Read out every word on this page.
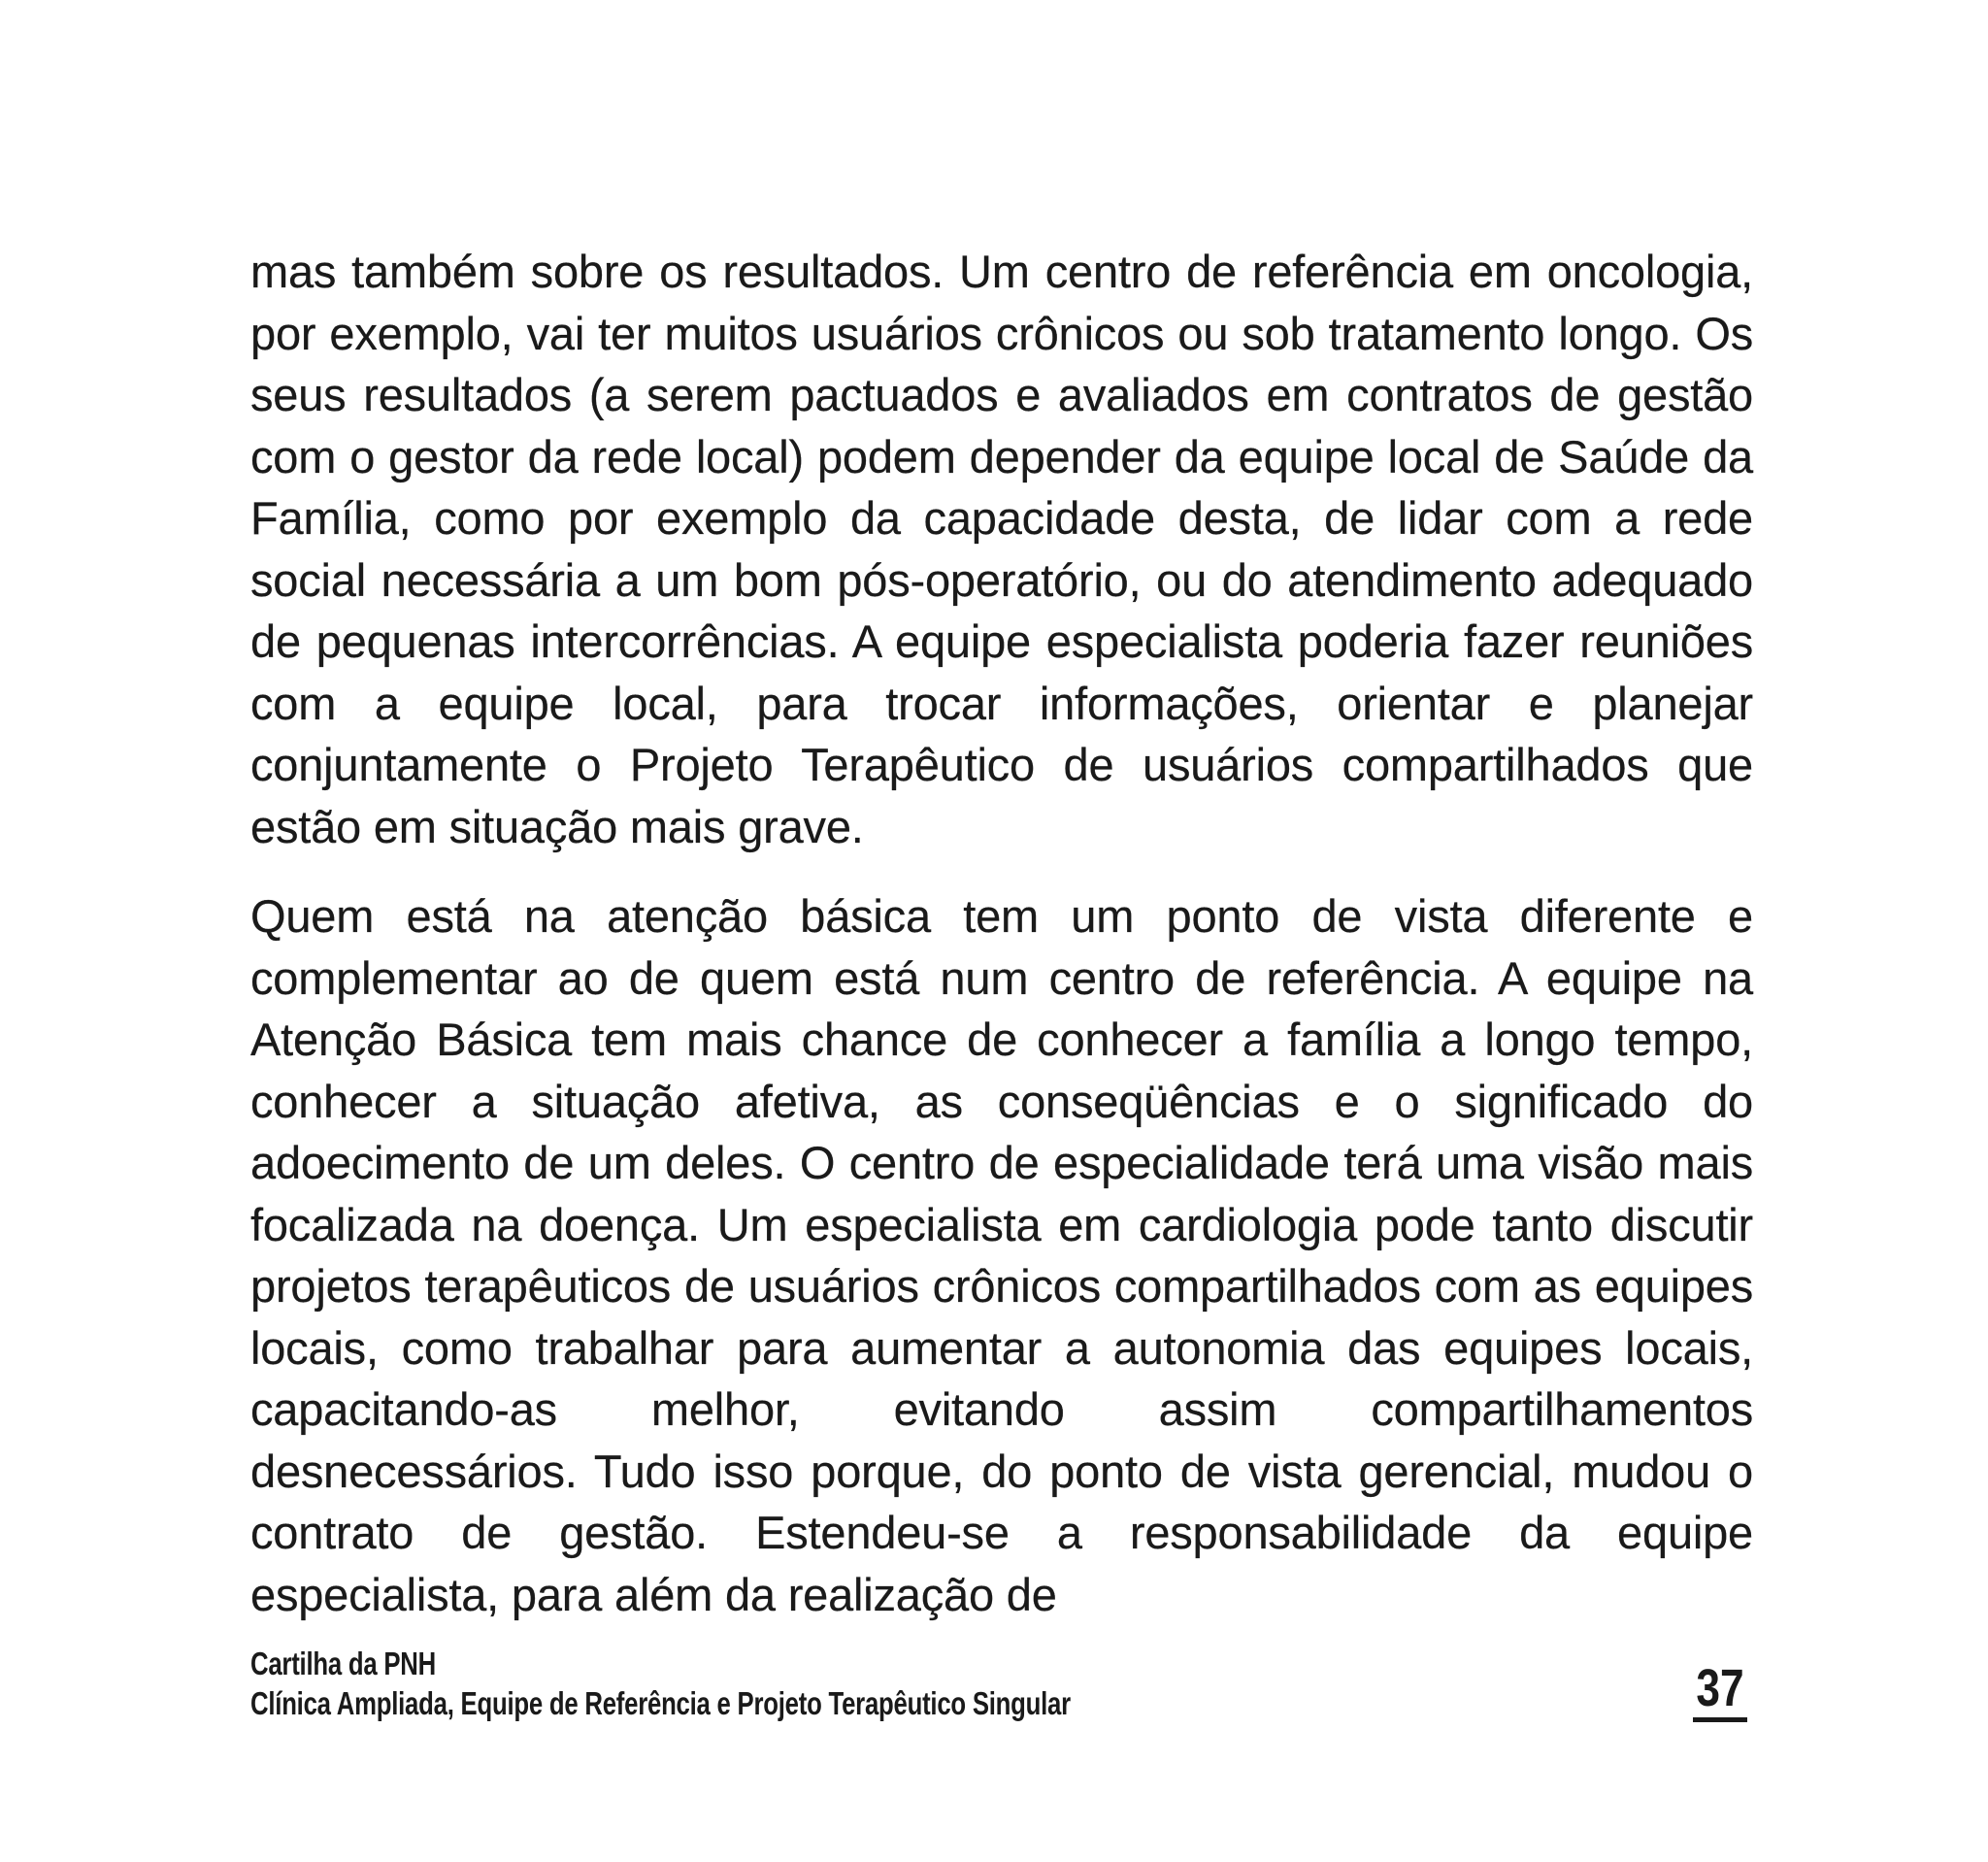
mas também sobre os resultados. Um centro de referência em oncologia, por exemplo, vai ter muitos usuários crônicos ou sob tratamento longo. Os seus resultados (a serem pactuados e avaliados em contratos de gestão com o gestor da rede local) podem depender da equipe local de Saúde da Família, como por exemplo da capacidade desta, de lidar com a rede social necessária a um bom pós-operatório, ou do atendimento adequado de pequenas intercorrências. A equipe especialista poderia fazer reuniões com a equipe local, para trocar informações, orientar e planejar conjuntamente o Projeto Terapêutico de usuários compartilhados que estão em situação mais grave.

Quem está na atenção básica tem um ponto de vista diferente e complementar ao de quem está num centro de referência. A equipe na Atenção Básica tem mais chance de conhecer a família a longo tempo, conhecer a situação afetiva, as conseqüências e o significado do adoecimento de um deles. O centro de especialidade terá uma visão mais focalizada na doença. Um especialista em cardiologia pode tanto discutir projetos terapêuticos de usuários crônicos compartilhados com as equipes locais, como trabalhar para aumentar a autonomia das equipes locais, capacitando-as melhor, evitando assim compartilhamentos desnecessários. Tudo isso porque, do ponto de vista gerencial, mudou o contrato de gestão. Estendeu-se a responsabilidade da equipe especialista, para além da realização de

Cartilha da PNH
Clínica Ampliada, Equipe de Referência e Projeto Terapêutico Singular	37
